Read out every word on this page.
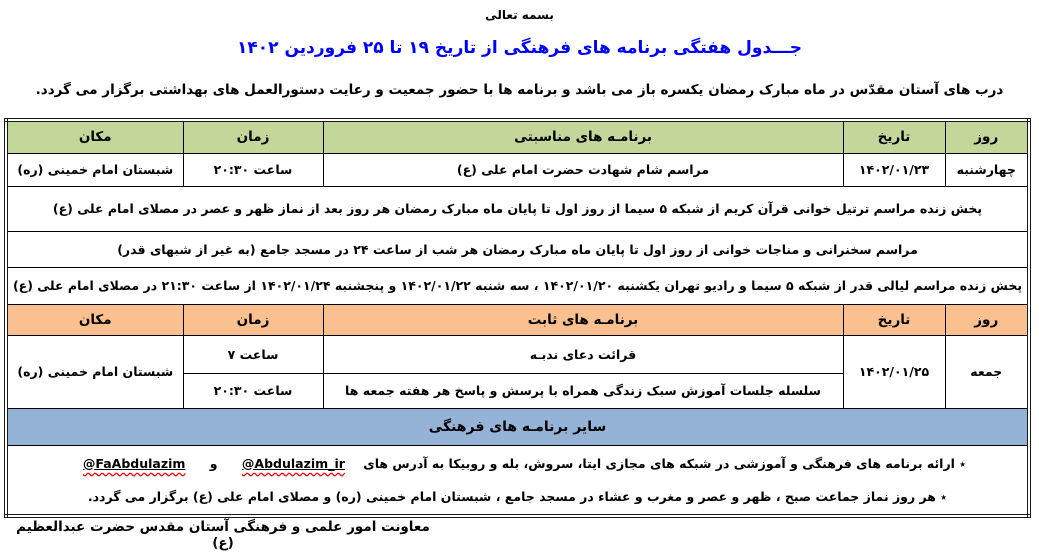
بسمه تعالی
جـــدول هفتگی برنامه های فرهنگی از تاریخ ۱۹ تا ۲۵ فروردین ۱۴۰۲
درب های آستان مقدّس در ماه مبارک رمضان یکسره باز می باشد و برنامه ها با حضور جمعیت و رعایت دستورالعمل های بهداشتی برگزار می گردد.
روز	تاریخ	برنامـه های مناسبتی	زمان	مکان
چهارشنبه	۱۴۰۲/۰۱/۲۳	مراسم شام شهادت حضرت امام علی (ع)	ساعت ۲۰:۳۰	شبستان امام خمینی (ره)
پخش زنده مراسم ترتیل خوانی قرآن کریم از شبکه ۵ سیما از روز اول تا پایان ماه مبارک رمضان هر روز بعد از نماز ظهر و عصر در مصلای امام علی (ع)				
مراسم سخنرانی و مناجات خوانی از روز اول تا پایان ماه مبارک رمضان هر شب از ساعت ۲۴ در مسجد جامع (به غیر از شبهای قدر)				
پخش زنده مراسم لیالی قدر از شبکه ۵ سیما و رادیو تهران یکشنبه ۱۴۰۲/۰۱/۲۰ ، سه شنبه ۱۴۰۲/۰۱/۲۲ و پنجشنبه ۱۴۰۲/۰۱/۲۴ از ساعت ۲۱:۳۰ در مصلای امام علی (ع)				
روز	تاریخ	برنامـه های ثابت	زمان	مکان
جمعه	۱۴۰۲/۰۱/۲۵	قرائت دعای ندبـه	ساعت ۷	شبستان امام خمینی (ره)
		سلسله جلسات آموزش سبک زندگی همراه با پرسش و پاسخ هر هفته جمعه ها	ساعت ۲۰:۳۰	
سایر برنامـه های فرهنگی				

٭ ارائه برنامه های فرهنگی و آموزشی در شبکه های مجازی ایتا، سروش، بله و روبیکا به آدرس های @Abdulazim_ir و @FaAbdulazim
٭ هر روز نماز جماعت صبح ، ظهر و عصر و مغرب و عشاء در مسجد جامع ، شبستان امام خمینی (ره) و مصلای امام علی (ع) برگزار می گردد.				
معاونت امور علمی و فرهنگی آستان مقدس حضرت عبدالعظیم (ع)
